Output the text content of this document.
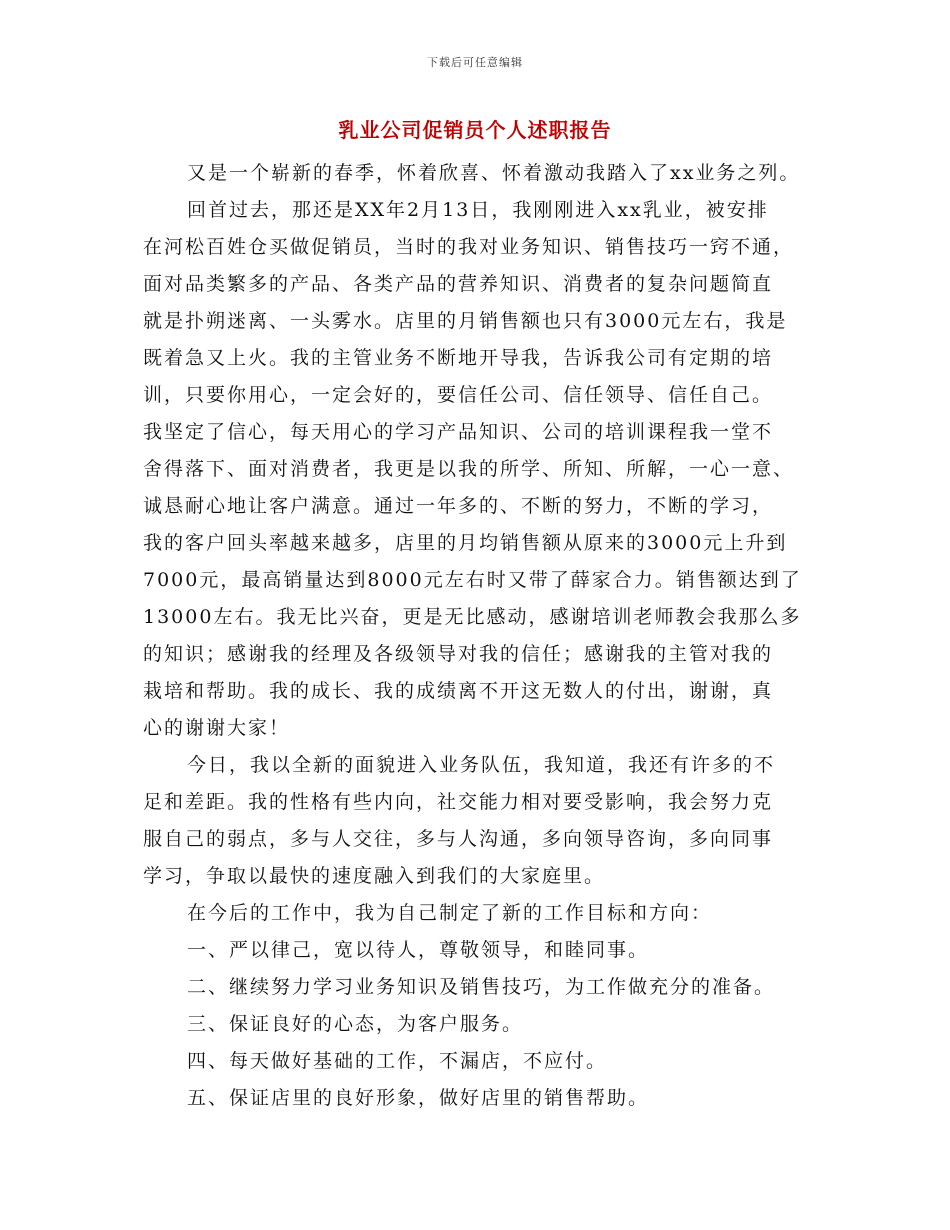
下载后可任意编辑
乳业公司促销员个人述职报告
又是一个崭新的春季，怀着欣喜、怀着激动我踏入了xx业务之列。
回首过去，那还是XX年2月13日，我刚刚进入xx乳业，被安排
在河松百姓仓买做促销员，当时的我对业务知识、销售技巧一窍不通，
面对品类繁多的产品、各类产品的营养知识、消费者的复杂问题简直
就是扑朔迷离、一头雾水。店里的月销售额也只有3000元左右，我是
既着急又上火。我的主管业务不断地开导我，告诉我公司有定期的培
训，只要你用心，一定会好的，要信任公司、信任领导、信任自己。
我坚定了信心，每天用心的学习产品知识、公司的培训课程我一堂不
舍得落下、面对消费者，我更是以我的所学、所知、所解，一心一意、
诚恳耐心地让客户满意。通过一年多的、不断的努力，不断的学习，
我的客户回头率越来越多，店里的月均销售额从原来的3000元上升到
7000元，最高销量达到8000元左右时又带了薛家合力。销售额达到了
13000左右。我无比兴奋，更是无比感动，感谢培训老师教会我那么多
的知识；感谢我的经理及各级领导对我的信任；感谢我的主管对我的
栽培和帮助。我的成长、我的成绩离不开这无数人的付出，谢谢，真
心的谢谢大家！
今日，我以全新的面貌进入业务队伍，我知道，我还有许多的不
足和差距。我的性格有些内向，社交能力相对要受影响，我会努力克
服自己的弱点，多与人交往，多与人沟通，多向领导咨询，多向同事
学习，争取以最快的速度融入到我们的大家庭里。
在今后的工作中，我为自己制定了新的工作目标和方向：
一、严以律己，宽以待人，尊敬领导，和睦同事。
二、继续努力学习业务知识及销售技巧，为工作做充分的准备。
三、保证良好的心态，为客户服务。
四、每天做好基础的工作，不漏店，不应付。
五、保证店里的良好形象，做好店里的销售帮助。
